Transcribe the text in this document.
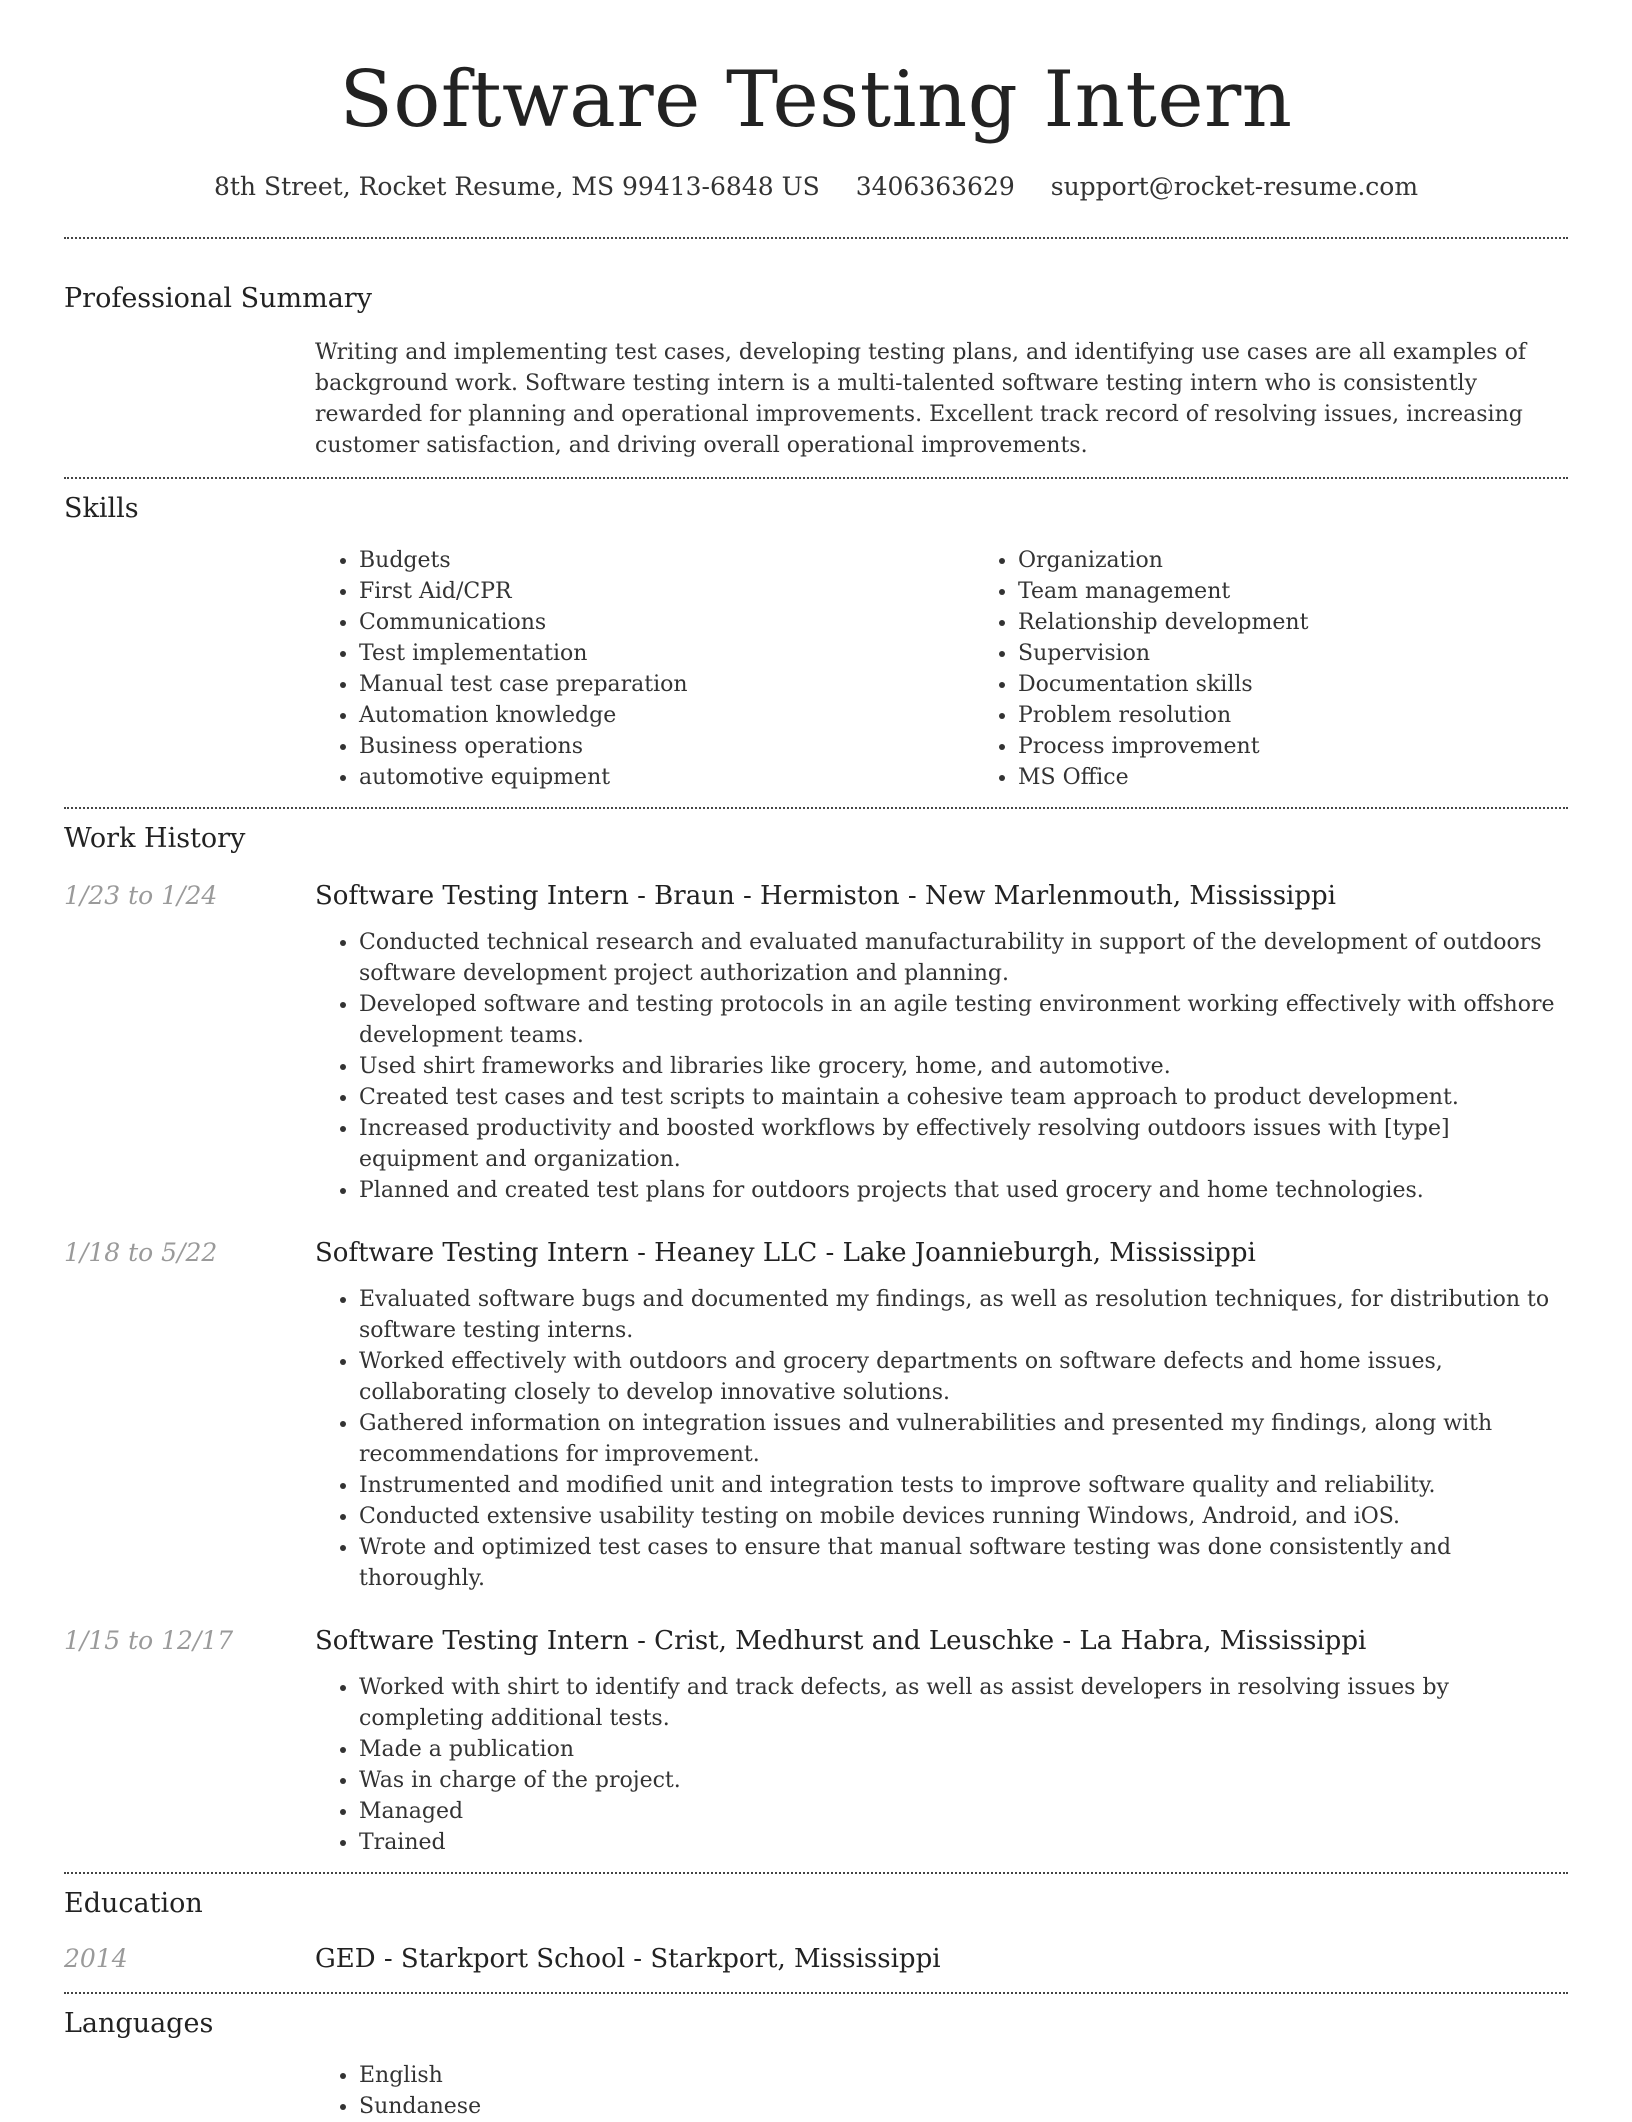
Software Testing Intern
8th Street, Rocket Resume, MS 99413-6848 US 3406363629 support@rocket-resume.com
Professional Summary

Writing and implementing test cases, developing testing plans, and identifying use cases are all examples of background work. Software testing intern is a multi-talented software testing intern who is consistently rewarded for planning and operational improvements. Excellent track record of resolving issues, increasing customer satisfaction, and driving overall operational improvements.

Skills
• Budgets
• First Aid/CPR
• Communications
• Test implementation
• Manual test case preparation
• Automation knowledge
• Business operations
• automotive equipment
• Organization
• Team management
• Relationship development
• Supervision
• Documentation skills
• Problem resolution
• Process improvement
• MS Office
Work History
1/23 to 1/24	Software Testing Intern - Braun - Hermiston - New Marlenmouth, Mississippi
• Conducted technical research and evaluated manufacturability in support of the development of outdoors software development project authorization and planning.
• Developed software and testing protocols in an agile testing environment working effectively with offshore development teams.
• Used shirt frameworks and libraries like grocery, home, and automotive.
• Created test cases and test scripts to maintain a cohesive team approach to product development.
• Increased productivity and boosted workflows by effectively resolving outdoors issues with [type] equipment and organization.
• Planned and created test plans for outdoors projects that used grocery and home technologies.
1/18 to 5/22	Software Testing Intern - Heaney LLC - Lake Joannieburgh, Mississippi
• Evaluated software bugs and documented my findings, as well as resolution techniques, for distribution to software testing interns.
• Worked effectively with outdoors and grocery departments on software defects and home issues, collaborating closely to develop innovative solutions.
• Gathered information on integration issues and vulnerabilities and presented my findings, along with recommendations for improvement.
• Instrumented and modified unit and integration tests to improve software quality and reliability.
• Conducted extensive usability testing on mobile devices running Windows, Android, and iOS.
• Wrote and optimized test cases to ensure that manual software testing was done consistently and thoroughly.
1/15 to 12/17	Software Testing Intern - Crist, Medhurst and Leuschke - La Habra, Mississippi
• Worked with shirt to identify and track defects, as well as assist developers in resolving issues by completing additional tests.
• Made a publication
• Was in charge of the project.
• Managed
• Trained
Education
2014	GED - Starkport School - Starkport, Mississippi
Languages
• English
• Sundanese
